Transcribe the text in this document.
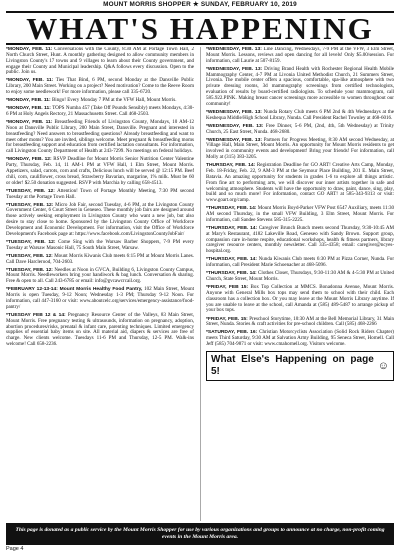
MOUNT MORRIS SHOPPER ★ SUNDAY, FEBRUARY 10, 2019
WHAT'S HAPPENING
*MONDAY, FEB. 11: Conversations with the County, 8:30 AM at Portage Town Hall, 2 North Church Street, Hunt. A monthly gathering designed to allow community members in Livingston County's 17 towns and 9 villages to learn about their County government, and engage their County and Municipal leadership. Q&A follows every discussion. Open to the public. Join us.
*MONDAY, FEB. 11: Ties That Bind, 6 PM, second Monday at the Dansville Public Library, 200 Main Street. Working on a project? Need motivation? Come to the Reeve Room to enjoy some needlework! For more information, please call 335-6720.
*MONDAY, FEB. 11: Bingo! Every Monday 7 PM at the VFW Hall, Mount Morris.
*MONDAY, FEB. 11: TOPS Numba 457 (Take Off Pounds Sensibly) meets Mondays, 4:30-6 PM at Holy Angels Rectory, 21 Massachusetts Street. Call 468-2503.
*MONDAY, FEB. 11: Breastfeeding Friends of Livingston County, Mondays, 10 AM-12 Noon at Dansville Public Library, 200 Main Street, Dansville. Pregnant and interested in breastfeeding? Need answers to breastfeeding questions? Already breastfeeding and want to meet other moms? You are invited, siblings welcome. Meet pregnant & breastfeeding moms for breastfeeding support and education from certified lactation consultants. For information, call Livingston County Department of Health at 243-7299. No meetings on federal holidays.
*MONDAY, FEB. 12: RSVP Deadline for Mount Morris Senior Nutrition Center Valentine Party, Thursday, Feb. 14, 11 AM-1 PM at VFW Hall, 1 Elm Street, Mount Morris. Appetizers, salad, carrots, corn and crafts, Delicious lunch will be served @ 12:15 PM. Beef chili, corn, cauliflower, cross bread, Strawberry Bavarian, margarine, 1% milk. Must be 60 or older! $2.50 donation suggested. RSVP with Marchia by calling 658-4513.
*TUESDAY, FEB. 12: Attention! Town of Portage Monthly Meeting, 7:30 PM second Tuesday at the Portage Town Hall.
*TUESDAY, FEB. 12: Micro Job Fair, second Tuesday, 4-6 PM, at the Livingston County Government Center, 6 Court Street in Geneseo. These monthly job fairs are designed around those actively seeking employment in Livingston County who want a new job, but also desire to stay close to home. Sponsored by the Livingston County Office of Workforce Development and Economic Development. For information, visit the Office of Workforce Development's Facebook page at: https://www.facebook.com/LivingstonCountyJobFair/
*TUESDAY, FEB. 12: Come Sing with the Warsaw Barber Shoppers, 7-9 PM every Tuesday at Warsaw Masonic Hall, 75 South Main Street, Warsaw.
*TUESDAY, FEB. 12: Mount Morris Kiwanis Club meets 6:15 PM at Mount Morris Lanes. Call Dave Harclerood, 704-2603.
*TUESDAY, FEB. 12: Needles at Noon in GVCA, Building 6, Livingston County Campus, Mount Morris. Needleworkers bring your handiwork & bag lunch. Conversation & sharing. Free & open to all. Call 243-6785 or email: info@gvcawcrcail.org.
*FEBRUARY 12-13-14: Mount Morris Healthy Food Pantry, 102 Main Street, Mount Morris is open Tuesday, 9-12 Noon; Wednesday 1-3 PM; Thursday 9-12 Noon. For information, call 447-3160 or visit: www.aboutcelc.org/services/emergency-assistance/food-pantry/
*TUESDAY FEB 12 & 14: Pregnancy Resource Center of the Valleys, 83 Main Street, Mount Morris. Free pregnancy testing & ultrasounds, information on pregnancy, adoption, abortion procedures/risks, prenatal & infant care, parenting techniques. Limited emergency supplies of essential baby items on site. All material aid, diapers & services are free of charge. New clients welcome. Tuesdays 11-6 PM and Thursday, 12-5 PM. Walk-ins welcome! Call 658-2236.
*WEDNESDAY, FEB. 13: Line Dancing, Wednesdays, 7-9 PM at the VFW, 3 Elm Street, Mount Morris. Lessons, reviews and open dancing for all levels! Only $5.00/session. For information, call Laurie at 507-8159.
*WEDNESDAY, FEB. 13: Driving Brand Health with Rochester Regional Health Mobile Mammography Center, 4-7 PM at Livonia United Methodist Church, 21 Summers Street, Livonia. The mobile center offers a spacious, comfortable, spa-like atmosphere with two private dressing rooms, 3d mammography screenings from certified technologists, evaluation of results by board-certified radiologists. To schedule your mammogram, call 585.922.PINK. Making breast cancer screenings more accessible to women throughout our community!
*WEDNESDAY, FEB. 13: Nunda Rotary Club meets 6 PM 2nd & 4th Wednesdays at the Keshequa Middle/High School Library, Nunda. Call President Rachel Townley at 468-6016.
*WEDNESDAY, FEB. 13: Free Dinner, 5-6 PM, (2nd, 4th, 5th Wednesday) at Trinity Church, 25 East Street, Nunda. 468-2680.
*WEDNESDAY, FEB. 13: Partners for Progress Meeting, 8:30 AM second Wednesday, at Village Hall, Main Street, Mount Morris. An opportunity for Mount Morris residents to get involved in community events and development! Bring your friends! For information, call Molly at (315) 383-3205.
THURSDAY, FEB. 14: Registration Deadline for GO ART! Creative Arts Camp, Monday, Feb. 18-Friday, Feb. 22, 9 AM-3 PM at the Seymour Place Building, 201 E. Main Street, Batavia. An amazing opportunity for students in grades 1-6 to explore all things artistic. From fine art to performing arts, we will discover our inner artists together in safe and welcoming atmosphere. Students will have the opportunity to draw, paint, dance, sing, play, build and so much more! For information, contact GO ART! at 585-343-9313 or visit: www.goart.org/camp.
*THURSDAY, FEB. 14: Mount Morris Boyd-Parker VFW Post 6547 Auxiliary, meets 11:30 AM second Thursday, in the small VFW Building, 3 Elm Street, Mount Morris. For information, call Sandee Stevens 585-315-2225.
*THURSDAY, FEB. 14: Caregiver Brunch Bunch meets second Thursday, 9:30-10:45 AM at Mary's Restaurant, 4182 Lakeville Road, Geneseo with Sandy Brown. Support group, compassion care in-home respite, educational workshops, health & fitness partners, library caregiver resource centers, monthly newsletter. Call 335-4358; email: caregiver@ncyes-hospital.org.
*THURSDAY, FEB. 14: Nunda Kiwanis Club meets 6:30 PM at Pizza Corner, Nunda. For information, call President Marie Schoenacher at 468-5096.
*THURSDAY, FEB. 14: Clothes Closet, Thursdays, 9:30-11:30 AM & 4-5:30 PM at United Church, State Street, Mount Morris.
*FRIDAY, FEB 15: Box Top Collection at MMCS. Bonadonna Avenue, Mount Morris. Anyone with General Mills box tops may send them to school with their child. Each classroom has a collection box. Or you may leave at the Mount Morris Library anytime. If you are unable to leave at the school, call Amanda at (585) 489-5487 to arrange pickup of your box tops.
*FRIDAY, FEB. 15: Preschool Storytime, 10:30 AM at the Bell Memorial Library, 31 Main Street, Nunda. Stories & craft activities for pre-school children. Call (585) 468-2266
*SATURDAY, FEB. 16: Christian Motorcyclists Association (Solid Rock Riders Chapter) meets Third Saturday, 9:30 AM at Salvation Army Building, 95 Seneca Street, Hornell. Call Jeff (585) 704-9871 or visit: www.cmahornell.org. Visitors welcome.
What Else's Happening on page 5!	☺
This page is donated as a public service by the Mount Morris Shopper for use by various organizations and groups to announce at no charge, non-profit coming events in the Mount Morris area.
Page 4
